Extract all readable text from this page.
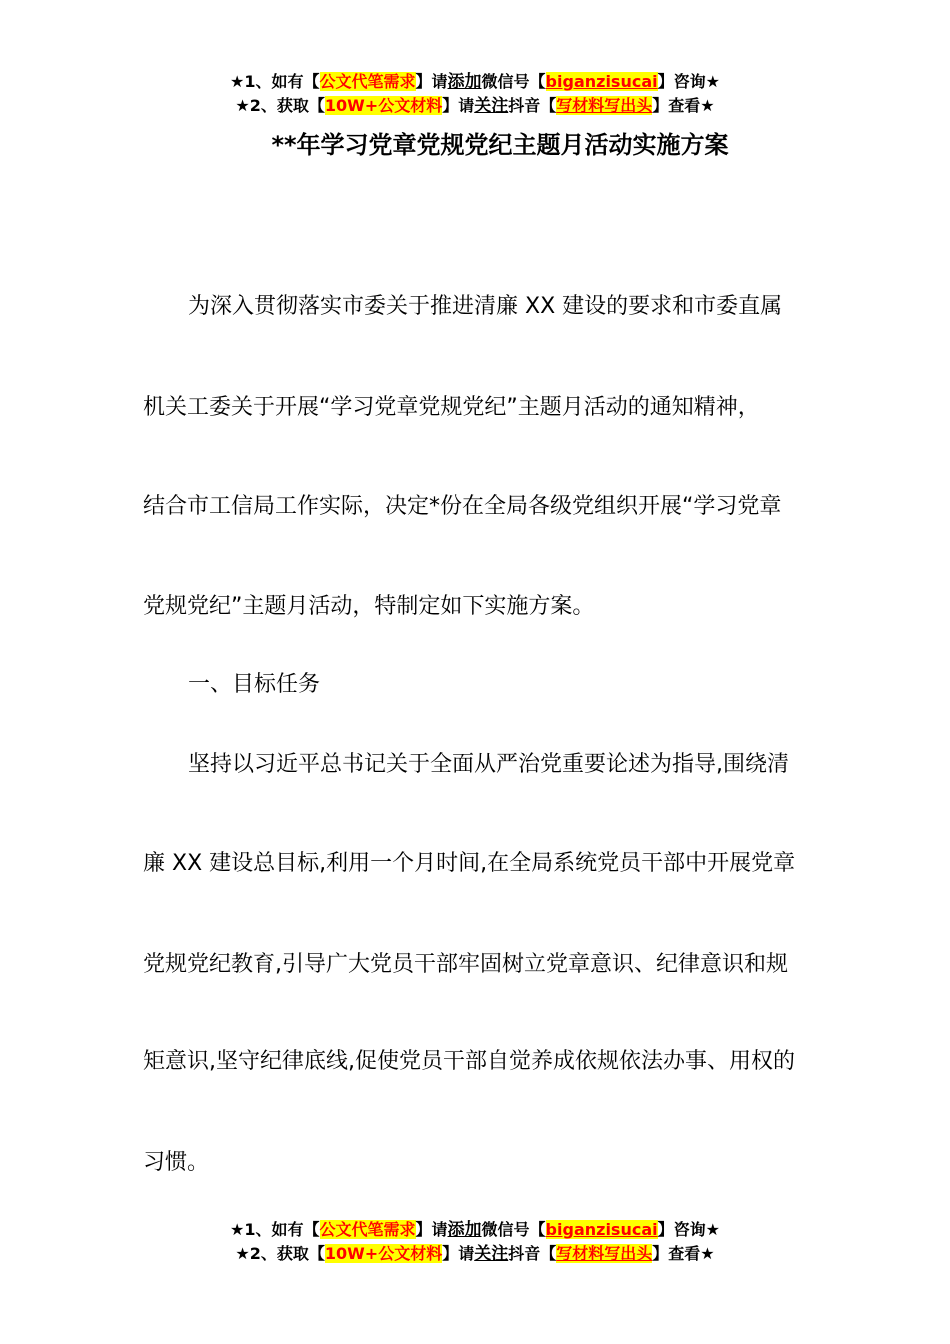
★1、如有【公文代笔需求】请添加微信号【biganzisucai】咨询★
★2、获取【10W+公文材料】请关注抖音【写材料写出头】查看★
**年学习党章党规党纪主题月活动实施方案
为深入贯彻落实市委关于推进清廉 XX 建设的要求和市委直属
机关工委关于开展“学习党章党规党纪”主题月活动的通知精神，
结合市工信局工作实际，决定*份在全局各级党组织开展“学习党章
党规党纪”主题月活动，特制定如下实施方案。
一、目标任务
坚持以习近平总书记关于全面从严治党重要论述为指导,围绕清
廉 XX 建设总目标,利用一个月时间,在全局系统党员干部中开展党章
党规党纪教育,引导广大党员干部牢固树立党章意识、纪律意识和规
矩意识,坚守纪律底线,促使党员干部自觉养成依规依法办事、用权的
习惯。
★1、如有【公文代笔需求】请添加微信号【biganzisucai】咨询★
★2、获取【10W+公文材料】请关注抖音【写材料写出头】查看★
